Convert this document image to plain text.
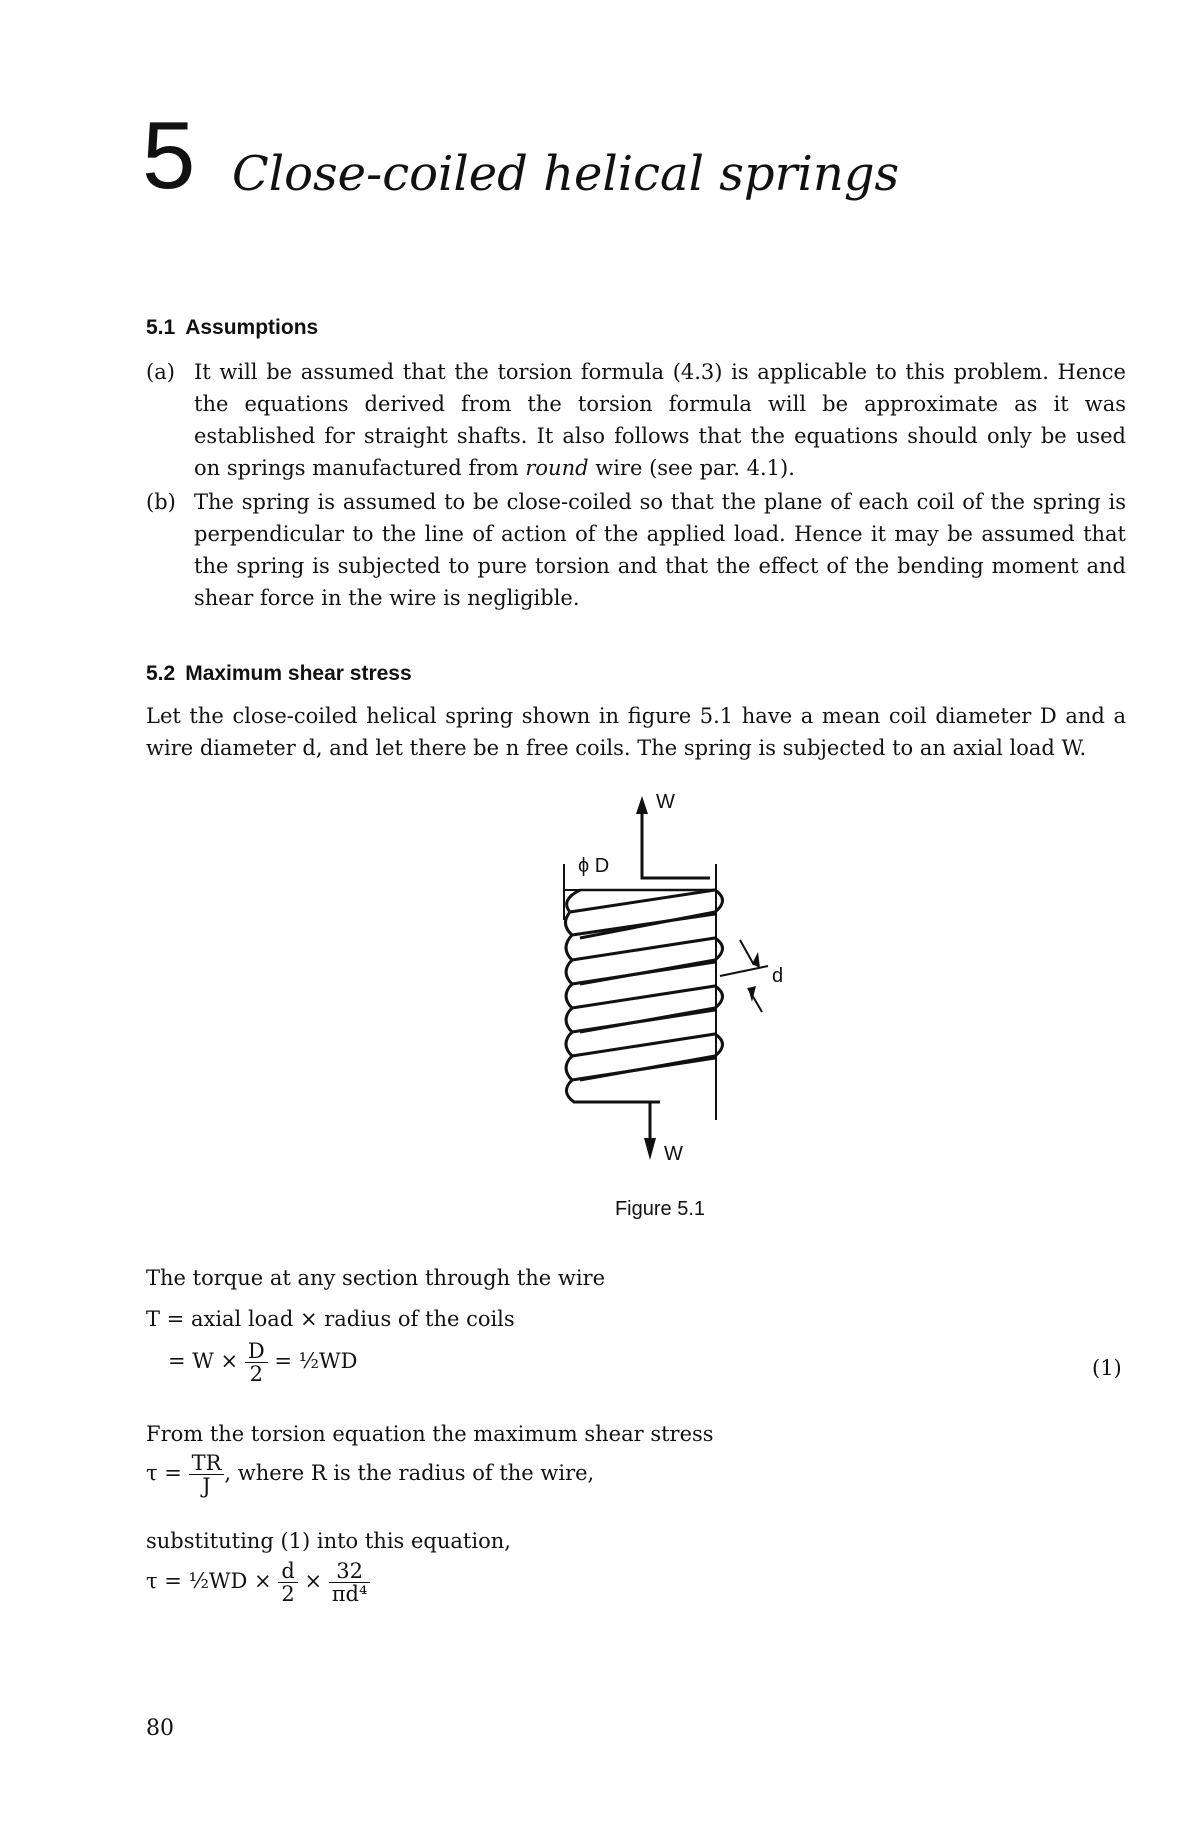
5 Close-coiled helical springs
5.1 Assumptions
(a) It will be assumed that the torsion formula (4.3) is applicable to this problem. Hence the equations derived from the torsion formula will be approximate as it was established for straight shafts. It also follows that the equations should only be used on springs manufactured from round wire (see par. 4.1).
(b) The spring is assumed to be close-coiled so that the plane of each coil of the spring is perpendicular to the line of action of the applied load. Hence it may be assumed that the spring is subjected to pure torsion and that the effect of the bending moment and shear force in the wire is negligible.
5.2 Maximum shear stress
Let the close-coiled helical spring shown in figure 5.1 have a mean coil diameter D and a wire diameter d, and let there be n free coils. The spring is subjected to an axial load W.
W
ϕ D
d
W
Figure 5.1
The torque at any section through the wire
T = axial load × radius of the coils
= $W \times \frac{D}{2}$ = ½WD	(1)
From the torsion equation the maximum shear stress
$\tau = \frac{TR}{J}$ , where R is the radius of the wire,
substituting (1) into this equation,
τ = ½WD × $\frac{d}{2} \times \frac{32}{\text{πd⁴}}$
80
